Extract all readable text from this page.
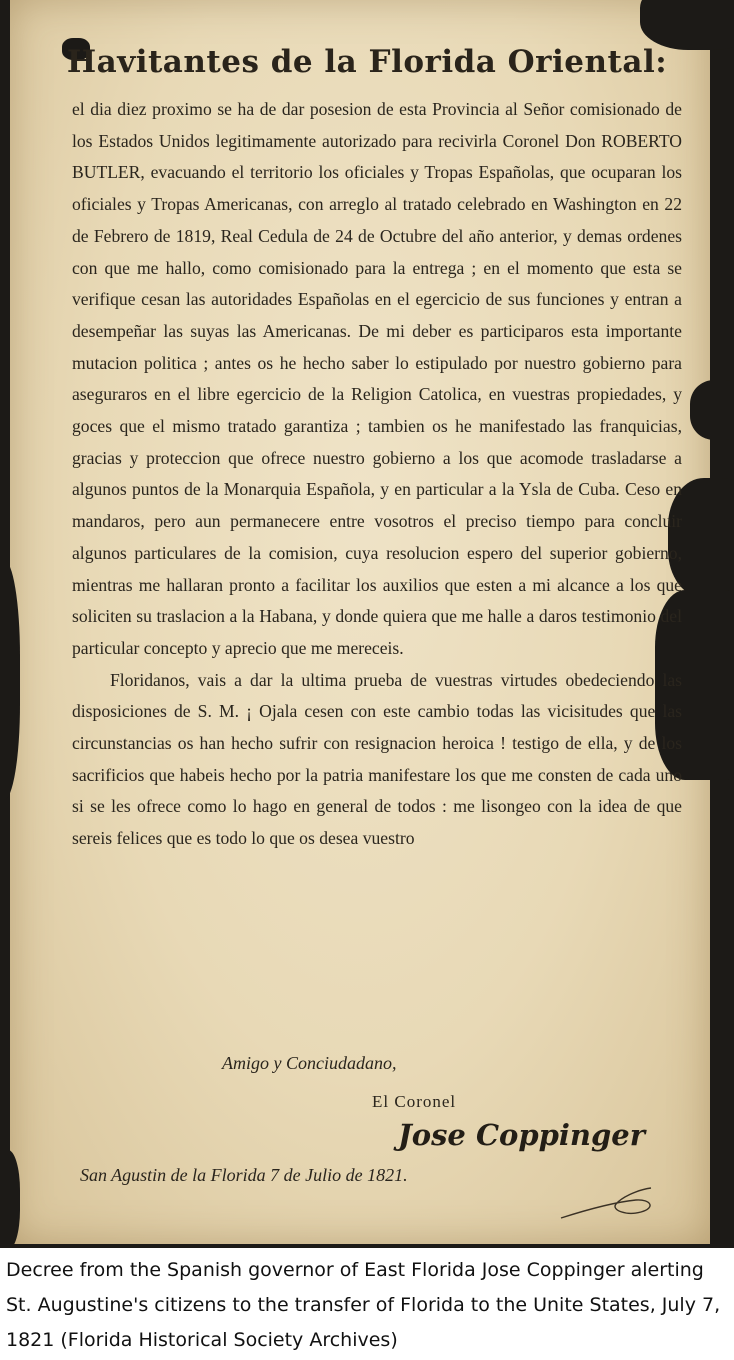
Havitantes de la Florida Oriental:

el dia diez proximo se ha de dar posesion de esta Provincia al Señor comisionado de los Estados Unidos legitimamente autorizado para recivirla Coronel Don ROBERTO BUTLER, evacuando el territorio los oficiales y Tropas Españolas, que ocuparan los oficiales y Tropas Americanas, con arreglo al tratado celebrado en Washington en 22 de Febrero de 1819, Real Cedula de 24 de Octubre del año anterior, y demas ordenes con que me hallo, como comisionado para la entrega ; en el momento que esta se verifique cesan las autoridades Españolas en el egercicio de sus funciones y entran a desempeñar las suyas las Americanas. De mi deber es participaros esta importante mutacion politica ; antes os he hecho saber lo estipulado por nuestro gobierno para aseguraros en el libre egercicio de la Religion Catolica, en vuestras propiedades, y goces que el mismo tratado garantiza ; tambien os he manifestado las franquicias, gracias y proteccion que ofrece nuestro gobierno a los que acomode trasladarse a algunos puntos de la Monarquia Española, y en particular a la Ysla de Cuba. Ceso en mandaros, pero aun permanecere entre vosotros el preciso tiempo para concluir algunos particulares de la comision, cuya resolucion espero del superior gobierno, mientras me hallaran pronto a facilitar los auxilios que esten a mi alcance a los que soliciten su traslacion a la Habana, y donde quiera que me halle a daros testimonio del particular concepto y aprecio que me mereceis.

Floridanos, vais a dar la ultima prueba de vuestras virtudes obedeciendo las disposiciones de S. M. ¡ Ojala cesen con este cambio todas las vicisitudes que las circunstancias os han hecho sufrir con resignacion heroica ! testigo de ella, y de los sacrificios que habeis hecho por la patria manifestare los que me consten de cada uno si se les ofrece como lo hago en general de todos : me lisongeo con la idea de que sereis felices que es todo lo que os desea vuestro

Amigo y Conciudadano,
El Coronel
Jose Coppinger
San Agustin de la Florida 7 de Julio de 1821.
Decree from the Spanish governor of East Florida Jose Coppinger alerting St. Augustine's citizens to the transfer of Florida to the Unite States, July 7, 1821 (Florida Historical Society Archives)
